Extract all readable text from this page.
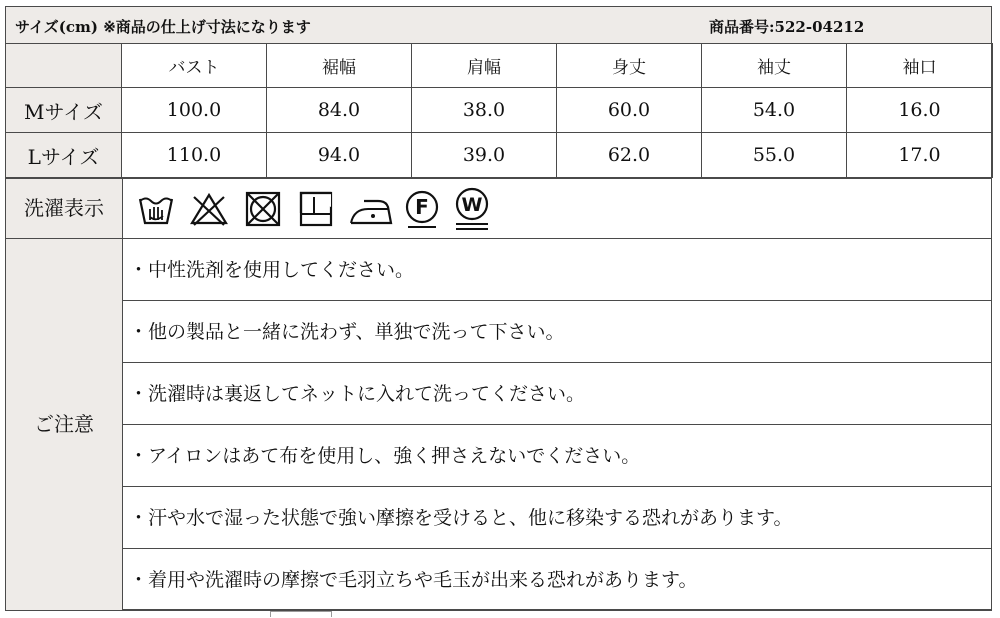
サイズ(cm) ※商品の仕上げ寸法になります	商品番号:522-04212
	バスト	裾幅	肩幅	身丈	袖丈	袖口
Mサイズ	100.0	84.0	38.0	60.0	54.0	16.0
Lサイズ	110.0	94.0	39.0	62.0	55.0	17.0
洗濯表示	F W
ご注意
・中性洗剤を使用してください。
・他の製品と一緒に洗わず、単独で洗って下さい。
・洗濯時は裏返してネットに入れて洗ってください。
・アイロンはあて布を使用し、強く押さえないでください。
・汗や水で湿った状態で強い摩擦を受けると、他に移染する恐れがあります。
・着用や洗濯時の摩擦で毛羽立ちや毛玉が出来る恐れがあります。
